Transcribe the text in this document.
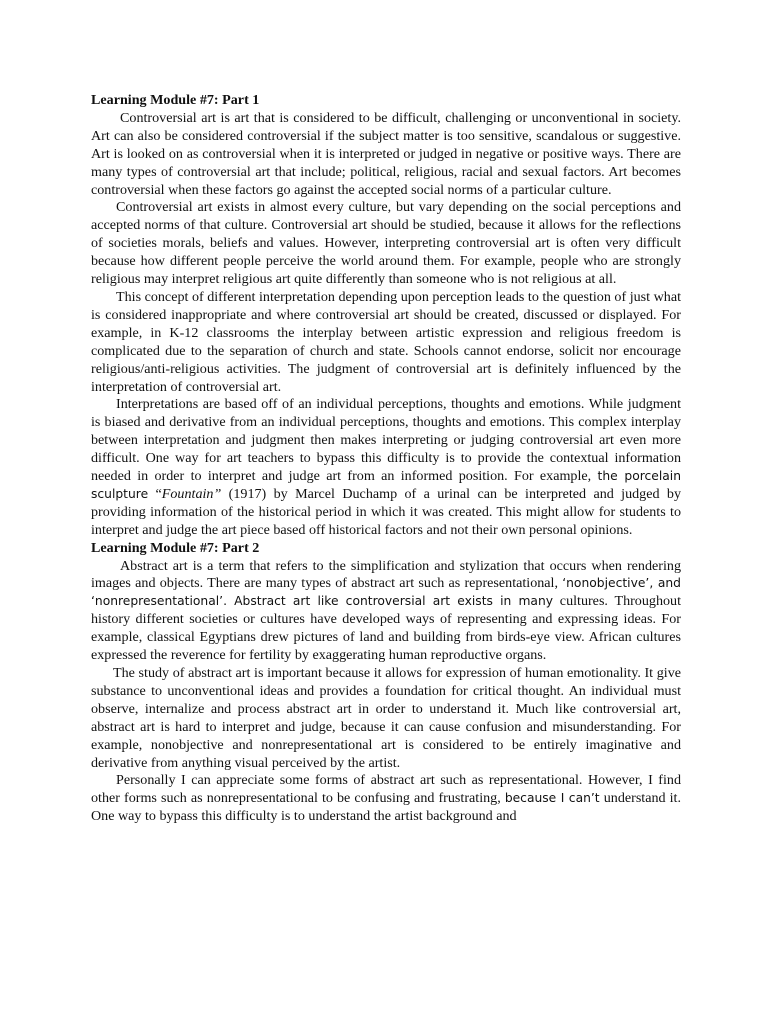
Learning Module #7: Part 1

Controversial art is art that is considered to be difficult, challenging or unconventional in society. Art can also be considered controversial if the subject matter is too sensitive, scandalous or suggestive. Art is looked on as controversial when it is interpreted or judged in negative or positive ways. There are many types of controversial art that include; political, religious, racial and sexual factors. Art becomes controversial when these factors go against the accepted social norms of a particular culture.

Controversial art exists in almost every culture, but vary depending on the social perceptions and accepted norms of that culture. Controversial art should be studied, because it allows for the reflections of societies morals, beliefs and values. However, interpreting controversial art is often very difficult because how different people perceive the world around them. For example, people who are strongly religious may interpret religious art quite differently than someone who is not religious at all.

This concept of different interpretation depending upon perception leads to the question of just what is considered inappropriate and where controversial art should be created, discussed or displayed. For example, in K-12 classrooms the interplay between artistic expression and religious freedom is complicated due to the separation of church and state. Schools cannot endorse, solicit nor encourage religious/anti-religious activities. The judgment of controversial art is definitely influenced by the interpretation of controversial art.

Interpretations are based off of an individual perceptions, thoughts and emotions. While judgment is biased and derivative from an individual perceptions, thoughts and emotions. This complex interplay between interpretation and judgment then makes interpreting or judging controversial art even more difficult. One way for art teachers to bypass this difficulty is to provide the contextual information needed in order to interpret and judge art from an informed position. For example, the porcelain sculpture “Fountain” (1917) by Marcel Duchamp of a urinal can be interpreted and judged by providing information of the historical period in which it was created. This might allow for students to interpret and judge the art piece based off historical factors and not their own personal opinions.

Learning Module #7: Part 2

Abstract art is a term that refers to the simplification and stylization that occurs when rendering images and objects. There are many types of abstract art such as representational, ‘nonobjective’, and ‘nonrepresentational’. Abstract art like controversial art exists in many cultures. Throughout history different societies or cultures have developed ways of representing and expressing ideas. For example, classical Egyptians drew pictures of land and building from birds-eye view. African cultures expressed the reverence for fertility by exaggerating human reproductive organs.

The study of abstract art is important because it allows for expression of human emotionality. It give substance to unconventional ideas and provides a foundation for critical thought. An individual must observe, internalize and process abstract art in order to understand it. Much like controversial art, abstract art is hard to interpret and judge, because it can cause confusion and misunderstanding. For example, nonobjective and nonrepresentational art is considered to be entirely imaginative and derivative from anything visual perceived by the artist.

Personally I can appreciate some forms of abstract art such as representational. However, I find other forms such as nonrepresentational to be confusing and frustrating, because I can’t understand it. One way to bypass this difficulty is to understand the artist background and
